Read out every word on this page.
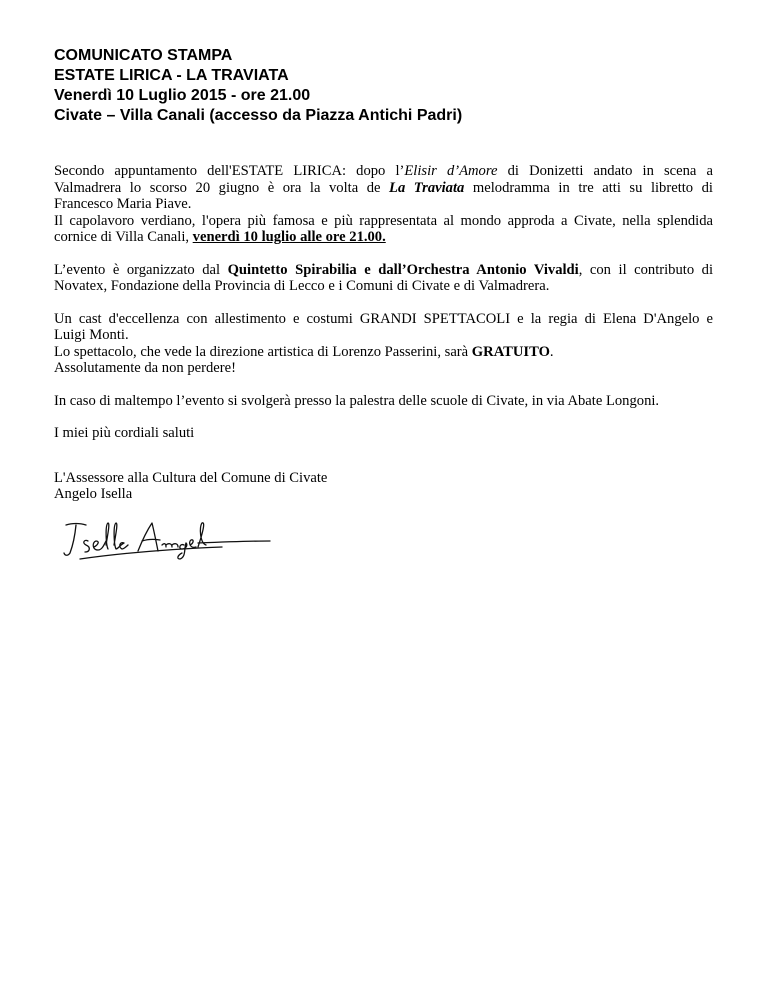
COMUNICATO STAMPA
ESTATE LIRICA - LA TRAVIATA
Venerdì 10 Luglio 2015 - ore 21.00
Civate – Villa Canali (accesso da Piazza Antichi Padri)

Secondo appuntamento dell'ESTATE LIRICA: dopo l’Elisir d’Amore di Donizetti andato in scena a
Valmadrera lo scorso 20 giugno è ora la volta de La Traviata melodramma in tre atti su libretto di
Francesco Maria Piave.
Il capolavoro verdiano, l'opera più famosa e più rappresentata al mondo approda a Civate, nella splendida
cornice di Villa Canali, venerdì 10 luglio alle ore 21.00.

L’evento è organizzato dal Quintetto Spirabilia e dall’Orchestra Antonio Vivaldi, con il contributo di
Novatex, Fondazione della Provincia di Lecco e i Comuni di Civate e di Valmadrera.

Un cast d'eccellenza con allestimento e costumi GRANDI SPETTACOLI e la regia di Elena D'Angelo e
Luigi Monti.
Lo spettacolo, che vede la direzione artistica di Lorenzo Passerini, sarà GRATUITO.
Assolutamente da non perdere!

In caso di maltempo l’evento si svolgerà presso la palestra delle scuole di Civate, in via Abate Longoni.

I miei più cordiali saluti

L'Assessore alla Cultura del Comune di Civate
Angelo Isella
